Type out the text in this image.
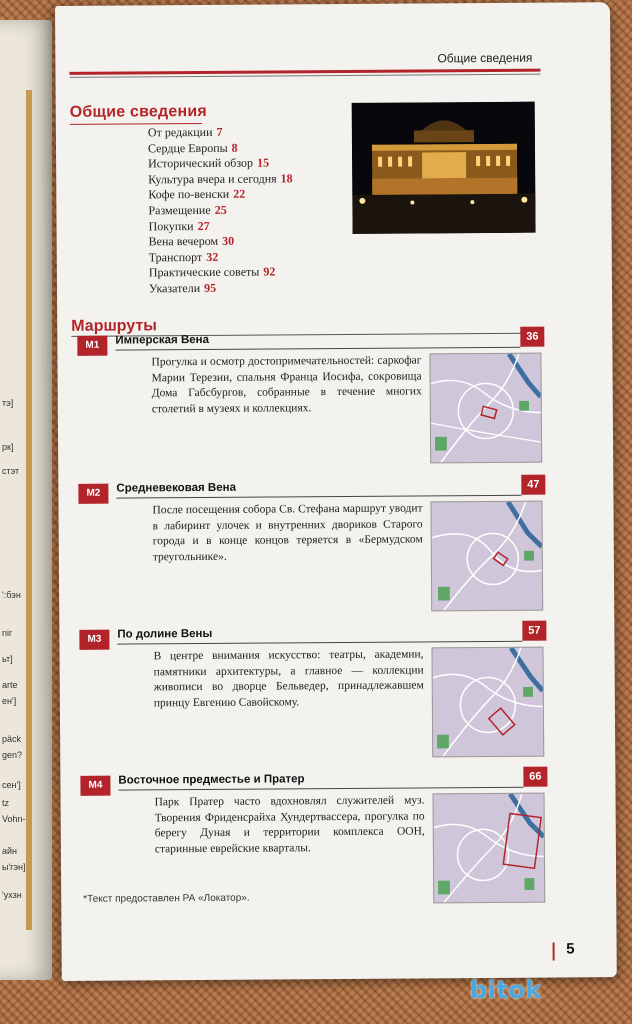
тэ]
рк]
стэт
':бэн
nir
ьт]
arte
ен']
päck
gen?
сен']
tz
Vohn-
айн
ы'гэн]
'ухзн
Общие сведения
Общие сведения
От редакции 7
Сердце Европы 8
Исторический обзор 15
Культура вчера и сегодня 18
Кофе по-венски 22
Размещение 25
Покупки 27
Вена вечером 30
Транспорт 32
Практические советы 92
Указатели 95
Маршруты
M1	Имперская Вена	36
Прогулка и осмотр достопримечательностей: саркофаг Марии Терезии, спальня Франца Иосифа, сокровища Дома Габсбургов, собранные в течение многих столетий в музеях и коллекциях.
M2	Средневековая Вена	47
После посещения собора Св. Стефана маршрут уводит в лабиринт улочек и внутренних двориков Старого города и в конце концов теряется в «Бермудском треугольнике».
M3	По долине Вены	57
В центре внимания искусство: театры, академии, памятники архитектуры, а главное — коллекции живописи во дворце Бельведер, принадлежавшем принцу Евгению Савойскому.
M4	Восточное предместье и Пратер	66
Парк Пратер часто вдохновлял служителей муз. Творения Фриденсрайха Хундертвассера, прогулка по берегу Дуная и территории комплекса ООН, старинные еврейские кварталы.
*Текст предоставлен РА «Локатор».
5
bitok
